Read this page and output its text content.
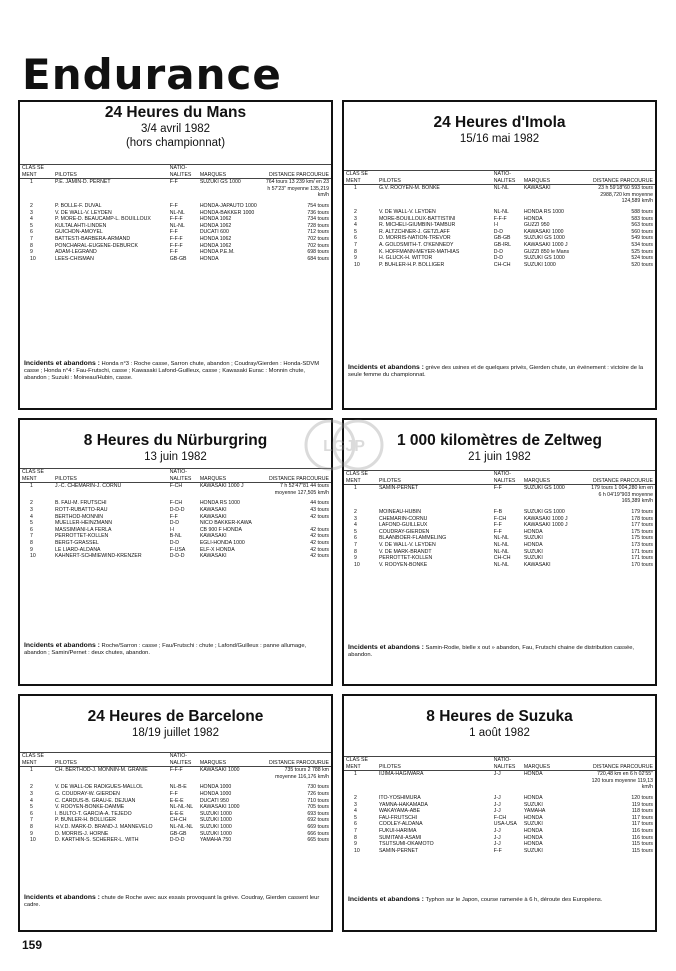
Endurance
24 Heures du Mans
3/4 avril 1982
(hors championnat)
CLAS SE MENT	PILOTES	NATIO- NALITES	MARQUES	DISTANCE PARCOURUE
1	P.E. JAMIN-D. PERNET	F-F	SUZUKI GS 1000	764 tours 13 239 km/ en 23 h 57'23" moyenne 135,219 km/h
2	P. BOLLE-F. DUVAL	F-F	HONDA-JAPAUTO 1000	754 tours
3	V. DE WALL-V. LEYDEN	NL-NL	HONDA-BAKKER 1000	736 tours
4	P. MORE-D. BEAUCAMP-L. BOUILLOUX	F-F-F	HONDA 1062	734 tours
5	KULTALAHTI-LINDEN	NL-NL	HONDA 1062	728 tours
6	GUICHON-AMOYEL	F-F	DUCATI 600	712 tours
7	BATTESTI-BARBERA-ARMAND	F-F-F	HONDA 1062	702 tours
8	PONCHARAL-EUGENE-DEBURCK	F-F-F	HONDA 1062	702 tours
9	ADAM-LEGRAND	F-F	HONDA P.E.M.	698 tours
10	LEES-CHISMAN	GB-GB	HONDA	684 tours
Incidents et abandons : Honda n°3 : Roche casse, Sarron chute, abandon ; Coudray/Gierden : Honda-SDVM casse ; Honda n°4 : Fau-Frutschi, casse ; Kawasaki Lafond-Guilleux, casse ; Kawasaki Eurac : Monnin chute, abandon ; Suzuki : Moineau/Hubin, casse.
24 Heures d'Imola
15/16 mai 1982
CLAS SE MENT	PILOTES	NATIO- NALITES	MARQUES	DISTANCE PARCOURUE
1	G.V. ROOYEN-M. BONKE	NL-NL	KAWASAKI	23 h 59'18"60 593 tours 2988,720 km moyenne 124,589 km/h
2	V. DE WALL-V. LEYDEN	NL-NL	HONDA RS 1000	588 tours
3	MORE-BOUILLOUX-BATTISTINI	F-F-F	HONDA	583 tours
4	R. MICHELI-GIUMBINI-TAMBUR	I-I	GUZZI 950	563 tours
5	R. ALTZCHNER-J. GETZLAFF	D-D	KAWASAKI 1000	560 tours
6	D. MORRIS-NATION-TREVOR	GB-GB	SUZUKI GS 1000	549 tours
7	A. GOLDSMITH-T. O'KENNEDY	GB-IRL	KAWASAKI 1000 J	534 tours
8	K. HOFFMANN-MEYER-MATHIAS	D-D	GUZZI 850 le Mans	525 tours
9	H. GLUCK-H. WITTOR	D-D	SUZUKI GS 1000	524 tours
10	P. BUHLER-H.P. BOLLIGER	CH-CH	SUZUKI 1000	520 tours
Incidents et abandons : grève des usines et de quelques privés, Gierden chute, un événement : victoire de la seule femme du championnat.
8 Heures du Nürburgring
13 juin 1982
CLAS SE MENT	PILOTES	NATIO- NALITES	MARQUES	DISTANCE PARCOURUE
1	J.-C. CHEMARIN-J. CORNU	F-CH	KAWASAKI 1000 J	7 h 52'47"81 44 tours moyenne 127,505 km/h
2	B. FAU-M. FRUTSCHI	F-CH	HONDA RS 1000	44 tours
3	ROTT-RUBATTO-RAU	D-D-D	KAWASAKI	43 tours
4	BERTHOD-MONNIN	F-F	KAWASAKI	42 tours
5	MUELLER-HEINZMANN	D-D	NICO BAKKER-KAWA	
6	MASSIMIANI-LA FERLA	I-I	CB 900 F HONDA	42 tours
7	PERROTTET-KOLLEN	B-NL	KAWASAKI	42 tours
8	BERGT-GRASSEL	D-D	EGLI-HONDA 1000	42 tours
9	LE LIARD-ALDANA	F-USA	ELF-X HONDA	42 tours
10	KAHNERT-SCHMIEWIND-KRENZER	D-D-D	KAWASAKI	42 tours
Incidents et abandons : Roche/Sarron : casse ; Fau/Frutschi : chute ; Lafond/Guilleux : panne allumage, abandon ; Samin/Pernet : deux chutes, abandon.
1 000 kilomètres de Zeltweg
21 juin 1982
CLAS SE MENT	PILOTES	NATIO- NALITES	MARQUES	DISTANCE PARCOURUE
1	SAMIN-PERNET	F-F	SUZUKI GS 1000	179 tours 1 004,280 km en 6 h 04'19"903 moyenne 165,389 km/h
2	MOINEAU-HUBIN	F-B	SUZUKI GS 1000	179 tours
3	CHEMARIN-CORNU	F-CH	KAWASAKI 1000 J	178 tours
4	LAFOND-GUILLEUX	F-F	KAWASAKI 1000 J	177 tours
5	COUDRAY-GIERDEN	F-F	HONDA	175 tours
6	BLAANBOER-FLAMMELING	NL-NL	SUZUKI	175 tours
7	V. DE WALL-V. LEYDEN	NL-NL	HONDA	173 tours
8	V. DE MARK-BRANDT	NL-NL	SUZUKI	171 tours
9	PERROTTET-KOLLEN	CH-CH	SUZUKI	171 tours
10	V. ROOYEN-BONKE	NL-NL	KAWASAKI	170 tours
Incidents et abandons : Samin-Rodie, bielle x out » abandon, Fau, Frutschi chaine de distribution cassée, abandon.
24 Heures de Barcelone
18/19 juillet 1982
CLAS SE MENT	PILOTES	NATIO- NALITES	MARQUES	DISTANCE PARCOURUE
1	CH. BERTHOD-J. MONNIN-M. GRANIE	F-F-F	KAWASAKI 1000	735 tours 2 788 km moyenne 116,176 km/h
2	V. DE WALL-DE RADIGUES-MALLOL	NL-B-E	HONDA 1000	730 tours
3	G. COUDRAY-W. GIERDEN	F-F	HONDA 1000	726 tours
4	C. CARDUS-B. GRAU-E. DEJUAN	E-E-E	DUCATI 950	710 tours
5	V. ROOYEN-BONKE-DAMME	NL-NL-NL	KAWASAKI 1000	705 tours
6	I. BULTO-T. GARCIA-A. TEJEDO	E-E-E	SUZUKI 1000	693 tours
7	P. BUNLER-H. BOLLIGER	CH-CH	SUZUKI 1000	692 tours
8	H.V.D. MARK-D. BRAND-J. MANNEVELO	NL-NL-NL	SUZUKI 1000	669 tours
9	D. MORRIS-J. HORNE	GB-GB	SUZUKI 1000	666 tours
10	D. KARTHIN-S. SCHERER-L. WITH	D-D-D	YAMAHA 750	665 tours
Incidents et abandons : chute de Roche avec aux essais provoquant la grève. Coudray, Gierden cassent leur cadre.
8 Heures de Suzuka
1 août 1982
CLAS SE MENT	PILOTES	NATIO- NALITES	MARQUES	DISTANCE PARCOURUE
1	IIJIMA-HAGIWARA	J-J	HONDA	720,48 km en 6 h 02'55" 120 tours moyenne 119,13 km/h
2	ITO-YOSHIMURA	J-J	HONDA	120 tours
3	YAMNA-HAKAMADA	J-J	SUZUKI	119 tours
4	WAKAYAMA-ABE	J-J	YAMAHA	118 tours
5	FAU-FRUTSCHI	F-CH	HONDA	117 tours
6	COOLEY-ALDANA	USA-USA	SUZUKI	117 tours
7	FUKUI-HARIMA	J-J	HONDA	116 tours
8	SUMITANI-ASAMI	J-J	HONDA	116 tours
9	TSUTSUMI-OKAMOTO	J-J	HONDA	115 tours
10	SAMIN-PERNET	F-F	SUZUKI	115 tours
Incidents et abandons : Typhon sur le Japon, course ramenée à 6 h, déroute des Européens.
LGJP
159
